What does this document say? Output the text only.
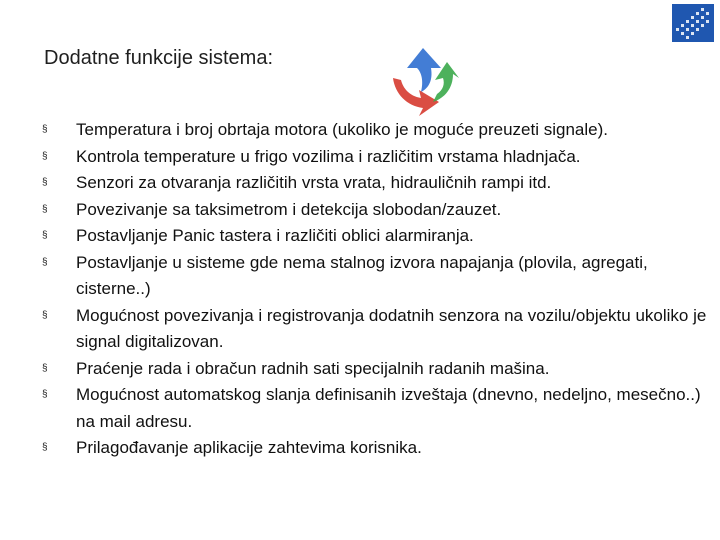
Dodatne funkcije sistema:
§	Temperatura i broj obrtaja motora (ukoliko je moguće preuzeti signale).
§	Kontrola temperature u frigo vozilima i različitim vrstama hladnjača.
§	Senzori za otvaranja različitih vrsta vrata, hidrauličnih rampi itd.
§	Povezivanje sa taksimetrom i detekcija slobodan/zauzet.
§	Postavljanje Panic tastera i različiti oblici alarmiranja.
§	Postavljanje u sisteme gde nema stalnog izvora napajanja (plovila, agregati, cisterne..)
§	Mogućnost povezivanja i registrovanja dodatnih senzora na vozilu/objektu ukoliko je signal digitalizovan.
§	Praćenje rada i obračun radnih sati specijalnih radanih mašina.
§	Mogućnost automatskog slanja definisanih izveštaja (dnevno, nedeljno, mesečno..) na mail adresu.
§	Prilagođavanje aplikacije zahtevima korisnika.
